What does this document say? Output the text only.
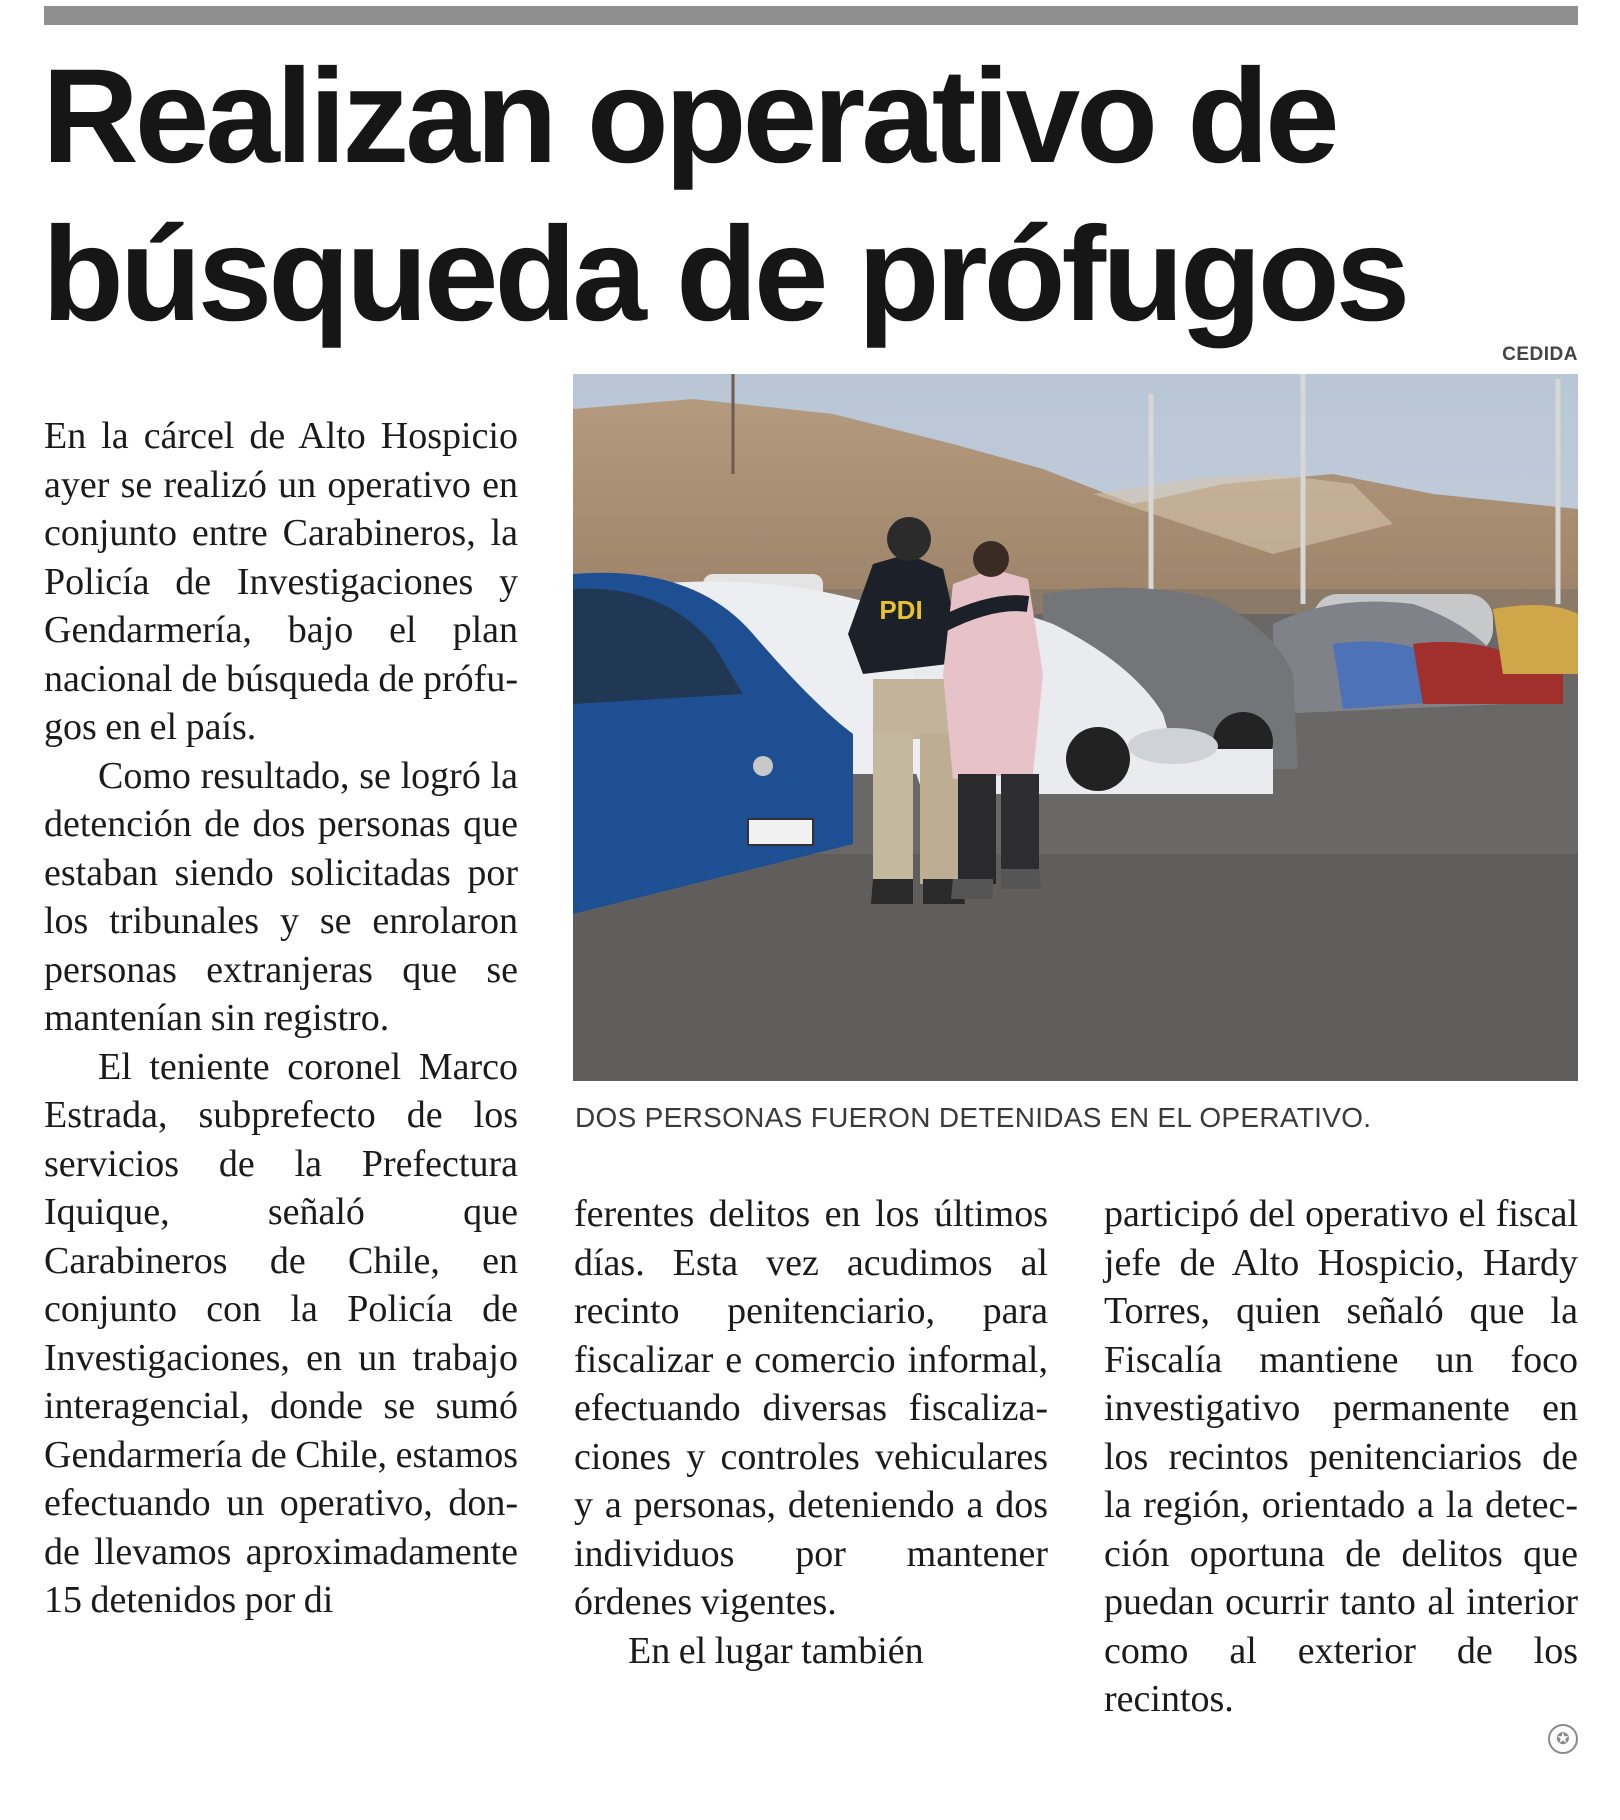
Realizan operativo de
búsqueda de prófugos
CEDIDA
PDI
DOS PERSONAS FUERON DETENIDAS EN EL OPERATIVO.

En la cárcel de Alto Hospicio ayer se realizó un operativo en conjunto entre Carabineros, la Policía de Investigaciones y Gendarmería, bajo el plan nacional de búsqueda de prófugos en el país.

Como resultado, se logró la detención de dos personas que estaban siendo solicitadas por los tribunales y se enrolaron personas extranjeras que se mantenían sin registro.

El teniente coronel Marco Estrada, subprefecto de los servicios de la Prefectura Iquique, señaló que Carabineros de Chile, en conjunto con la Policía de Investigaciones, en un trabajo interagencial, donde se sumó Gendarmería de Chile, estamos efectuando un operativo, donde llevamos aproximadamente 15 detenidos por di

ferentes delitos en los últimos días. Esta vez acudimos al recinto penitenciario, para fiscalizar e comercio informal, efectuando diversas fiscalizaciones y controles vehiculares y a personas, deteniendo a dos individuos por mantener órdenes vigentes.

En el lugar también

participó del operativo el fiscal jefe de Alto Hospicio, Hardy Torres, quien señaló que la Fiscalía mantiene un foco investigativo permanente en los recintos penitenciarios de la región, orientado a la detección oportuna de delitos que puedan ocurrir tanto al interior como al exterior de los recintos.

✪
